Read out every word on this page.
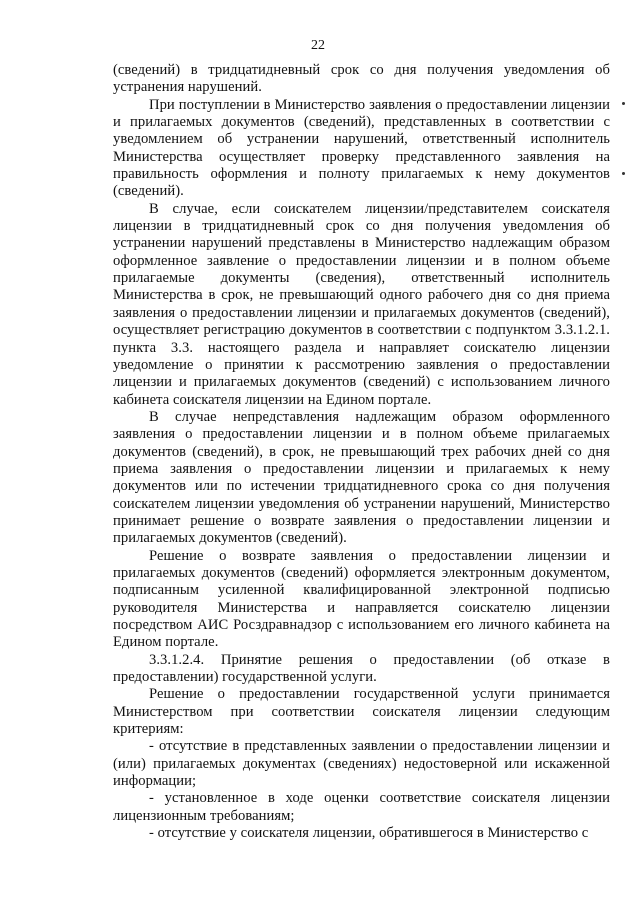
22

(сведений) в тридцатидневный срок со дня получения уведомления об устранения нарушений.

При поступлении в Министерство заявления о предоставлении лицензии и прилагаемых документов (сведений), представленных в соответствии с уведомлением об устранении нарушений, ответственный исполнитель Министерства осуществляет проверку представленного заявления на правильность оформления и полноту прилагаемых к нему документов (сведений).

В случае, если соискателем лицензии/представителем соискателя лицензии в тридцатидневный срок со дня получения уведомления об устранении нарушений представлены в Министерство надлежащим образом оформленное заявление о предоставлении лицензии и в полном объеме прилагаемые документы (сведения), ответственный исполнитель Министерства в срок, не превышающий одного рабочего дня со дня приема заявления о предоставлении лицензии и прилагаемых документов (сведений), осуществляет регистрацию документов в соответствии с подпунктом 3.3.1.2.1. пункта 3.3. настоящего раздела и направляет соискателю лицензии уведомление о принятии к рассмотрению заявления о предоставлении лицензии и прилагаемых документов (сведений) с использованием личного кабинета соискателя лицензии на Едином портале.

В случае непредставления надлежащим образом оформленного заявления о предоставлении лицензии и в полном объеме прилагаемых документов (сведений), в срок, не превышающий трех рабочих дней со дня приема заявления о предоставлении лицензии и прилагаемых к нему документов или по истечении тридцатидневного срока со дня получения соискателем лицензии уведомления об устранении нарушений, Министерство принимает решение о возврате заявления о предоставлении лицензии и прилагаемых документов (сведений).

Решение о возврате заявления о предоставлении лицензии и прилагаемых документов (сведений) оформляется электронным документом, подписанным усиленной квалифицированной электронной подписью руководителя Министерства и направляется соискателю лицензии посредством АИС Росздравнадзор с использованием его личного кабинета на Едином портале.

3.3.1.2.4. Принятие решения о предоставлении (об отказе в предоставлении) государственной услуги.

Решение о предоставлении государственной услуги принимается Министерством при соответствии соискателя лицензии следующим критериям:

- отсутствие в представленных заявлении о предоставлении лицензии и (или) прилагаемых документах (сведениях) недостоверной или искаженной информации;

- установленное в ходе оценки соответствие соискателя лицензии лицензионным требованиям;

- отсутствие у соискателя лицензии, обратившегося в Министерство с
